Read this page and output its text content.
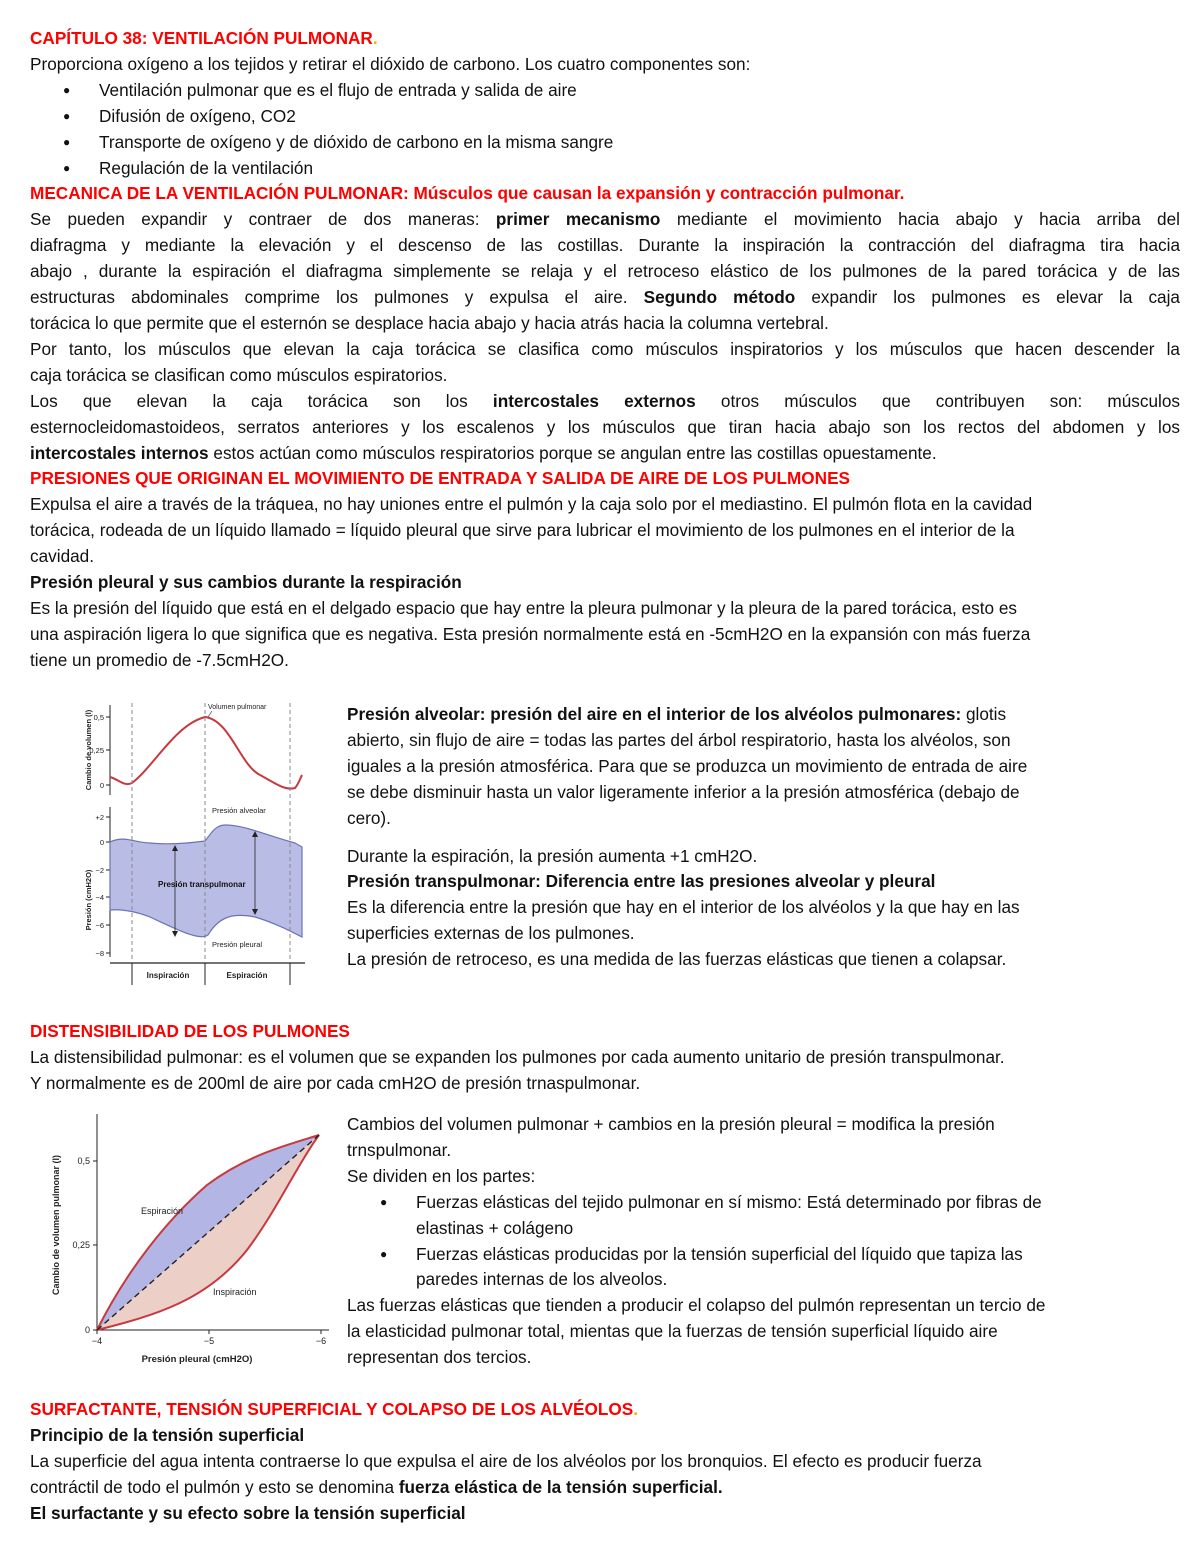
CAPÍTULO 38: VENTILACIÓN PULMONAR.
Proporciona oxígeno a los tejidos y retirar el dióxido de carbono. Los cuatro componentes son:
● Ventilación pulmonar que es el flujo de entrada y salida de aire
● Difusión de oxígeno, CO2
● Transporte de oxígeno y de dióxido de carbono en la misma sangre
● Regulación de la ventilación
MECANICA DE LA VENTILACIÓN PULMONAR: Músculos que causan la expansión y contracción pulmonar.
Se pueden expandir y contraer de dos maneras: primer mecanismo mediante el movimiento hacia abajo y hacia arriba del
diafragma y mediante la elevación y el descenso de las costillas. Durante la inspiración la contracción del diafragma tira hacia
abajo , durante la espiración el diafragma simplemente se relaja y el retroceso elástico de los pulmones de la pared torácica y de las
estructuras abdominales comprime los pulmones y expulsa el aire. Segundo método expandir los pulmones es elevar la caja
torácica lo que permite que el esternón se desplace hacia abajo y hacia atrás hacia la columna vertebral.
Por tanto, los músculos que elevan la caja torácica se clasifica como músculos inspiratorios y los músculos que hacen descender la
caja torácica se clasifican como músculos espiratorios.
Los que elevan la caja torácica son los intercostales externos otros músculos que contribuyen son: músculos
esternocleidomastoideos, serratos anteriores y los escalenos y los músculos que tiran hacia abajo son los rectos del abdomen y los
intercostales internos estos actúan como músculos respiratorios porque se angulan entre las costillas opuestamente.
PRESIONES QUE ORIGINAN EL MOVIMIENTO DE ENTRADA Y SALIDA DE AIRE DE LOS PULMONES
Expulsa el aire a través de la tráquea, no hay uniones entre el pulmón y la caja solo por el mediastino. El pulmón flota en la cavidad
torácica, rodeada de un líquido llamado = líquido pleural que sirve para lubricar el movimiento de los pulmones en el interior de la
cavidad.
Presión pleural y sus cambios durante la respiración
Es la presión del líquido que está en el delgado espacio que hay entre la pleura pulmonar y la pleura de la pared torácica, esto es
una aspiración ligera lo que significa que es negativa. Esta presión normalmente está en -5cmH2O en la expansión con más fuerza
tiene un promedio de -7.5cmH2O.
Cambio de volumen (l)
Presión (cmH2O)
0,5
0,25
0
Volumen pulmonar
+2
0
−2
−4
−6
−8
Presión transpulmonar
Presión alveolar
Presión pleural
Inspiración	Espiración
Presión alveolar: presión del aire en el interior de los alvéolos pulmonares: glotis
abierto, sin flujo de aire = todas las partes del árbol respiratorio, hasta los alvéolos, son
iguales a la presión atmosférica. Para que se produzca un movimiento de entrada de aire
se debe disminuir hasta un valor ligeramente inferior a la presión atmosférica (debajo de
cero).
Durante la espiración, la presión aumenta +1 cmH2O.
Presión transpulmonar: Diferencia entre las presiones alveolar y pleural
Es la diferencia entre la presión que hay en el interior de los alvéolos y la que hay en las
superficies externas de los pulmones.
La presión de retroceso, es una medida de las fuerzas elásticas que tienen a colapsar.
DISTENSIBILIDAD DE LOS PULMONES
La distensibilidad pulmonar: es el volumen que se expanden los pulmones por cada aumento unitario de presión transpulmonar.
Y normalmente es de 200ml de aire por cada cmH2O de presión trnaspulmonar.
Cambio de volumen pulmonar (l) 0,5
0,25
0
−4	−5	−6
Presión pleural (cmH2O)
Espiración
Inspiración
Cambios del volumen pulmonar + cambios en la presión pleural = modifica la presión
trnspulmonar.
Se dividen en los partes:
● Fuerzas elásticas del tejido pulmonar en sí mismo: Está determinado por fibras de
elastinas + colágeno
● Fuerzas elásticas producidas por la tensión superficial del líquido que tapiza las
paredes internas de los alveolos.
Las fuerzas elásticas que tienden a producir el colapso del pulmón representan un tercio de
la elasticidad pulmonar total, mientas que la fuerzas de tensión superficial líquido aire
representan dos tercios.
SURFACTANTE, TENSIÓN SUPERFICIAL Y COLAPSO DE LOS ALVÉOLOS.
Principio de la tensión superficial
La superficie del agua intenta contraerse lo que expulsa el aire de los alvéolos por los bronquios. El efecto es producir fuerza
contráctil de todo el pulmón y esto se denomina fuerza elástica de la tensión superficial.
El surfactante y su efecto sobre la tensión superficial
